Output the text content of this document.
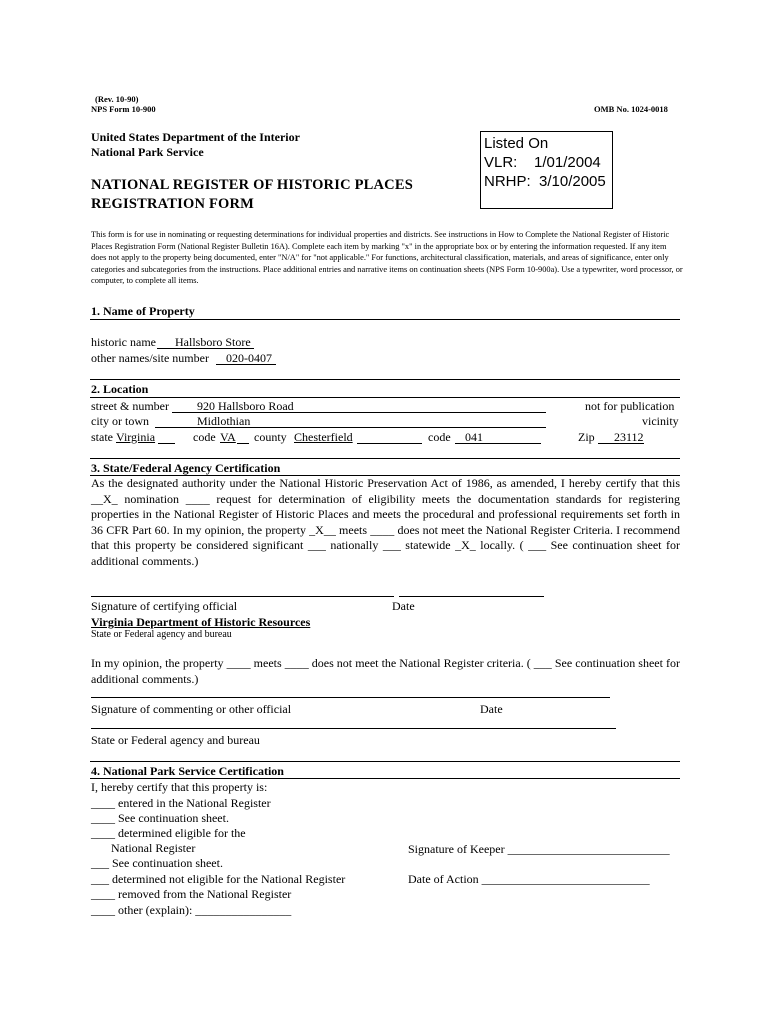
(Rev. 10-90)
NPS Form 10-900	OMB No. 1024-0018
United States Department of the Interior
National Park Service	Listed On
VLR:    1/01/2004
NRHP:  3/10/2005
NATIONAL REGISTER OF HISTORIC PLACES
REGISTRATION FORM
This form is for use in nominating or requesting determinations for individual properties and districts. See instructions in How to Complete the National Register of Historic Places Registration Form (National Register Bulletin 16A). Complete each item by marking "x" in the appropriate box or by entering the information requested. If any item does not apply to the property being documented, enter "N/A" for "not applicable." For functions, architectural classification, materials, and areas of significance, enter only categories and subcategories from the instructions. Place additional entries and narrative items on continuation sheets (NPS Form 10-900a). Use a typewriter, word processor, or computer, to complete all items.
1. Name of Property
historic name Hallsboro Store
other names/site number 020-0407
2. Location
street & number 920 Hallsboro Road	not for publication
city or town	Midlothian	vicinity
state Virginia	code VA county Chesterfield	code 041	Zip 23112
3. State/Federal Agency Certification
As the designated authority under the National Historic Preservation Act of 1986, as amended, I hereby certify that this __X_ nomination ____ request for determination of eligibility meets the documentation standards for registering properties in the National Register of Historic Places and meets the procedural and professional requirements set forth in 36 CFR Part 60. In my opinion, the property _X__ meets ____ does not meet the National Register Criteria. I recommend that this property be considered significant ___ nationally ___ statewide _X_ locally. ( ___ See continuation sheet for additional comments.)
Signature of certifying official	Date
Virginia Department of Historic Resources
State or Federal agency and bureau
In my opinion, the property ____ meets ____ does not meet the National Register criteria. ( ___ See continuation sheet for additional comments.)
Signature of commenting or other official	Date
State or Federal agency and bureau
4. National Park Service Certification
I, hereby certify that this property is:
____ entered in the National Register
____ See continuation sheet.
____ determined eligible for the
National Register
___ See continuation sheet.
___ determined not eligible for the National Register
____ removed from the National Register
____ other (explain): ________________
Signature of Keeper ___________________________
Date of Action ____________________________
